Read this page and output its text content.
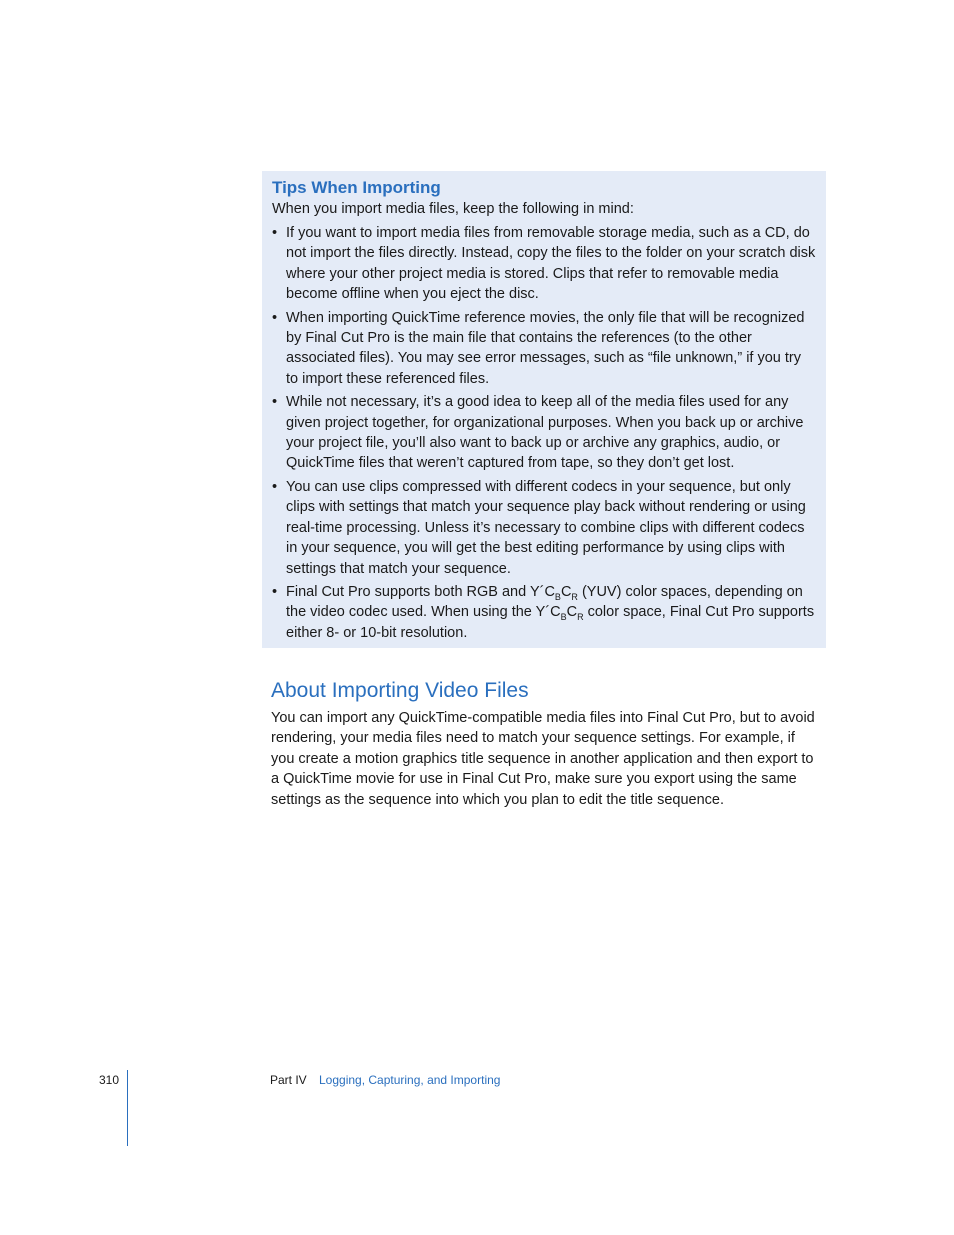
Tips When Importing

When you import media files, keep the following in mind:

• If you want to import media files from removable storage media, such as a CD, do not import the files directly. Instead, copy the files to the folder on your scratch disk where your other project media is stored. Clips that refer to removable media become offline when you eject the disc.
• When importing QuickTime reference movies, the only file that will be recognized by Final Cut Pro is the main file that contains the references (to the other associated files). You may see error messages, such as “file unknown,” if you try to import these referenced files.
• While not necessary, it’s a good idea to keep all of the media files used for any given project together, for organizational purposes. When you back up or archive your project file, you’ll also want to back up or archive any graphics, audio, or QuickTime files that weren’t captured from tape, so they don’t get lost.
• You can use clips compressed with different codecs in your sequence, but only clips with settings that match your sequence play back without rendering or using real-time processing. Unless it’s necessary to combine clips with different codecs in your sequence, you will get the best editing performance by using clips with settings that match your sequence.
• Final Cut Pro supports both RGB and $Y´C_BC_R$ (YUV) color spaces, depending on the video codec used. When using the $Y´C_BC_R$ color space, Final Cut Pro supports either 8- or 10-bit resolution.
About Importing Video Files

You can import any QuickTime-compatible media files into Final Cut Pro, but to avoid rendering, your media files need to match your sequence settings. For example, if you create a motion graphics title sequence in another application and then export to a QuickTime movie for use in Final Cut Pro, make sure you export using the same settings as the sequence into which you plan to edit the title sequence.

310	Part IV Logging, Capturing, and Importing
